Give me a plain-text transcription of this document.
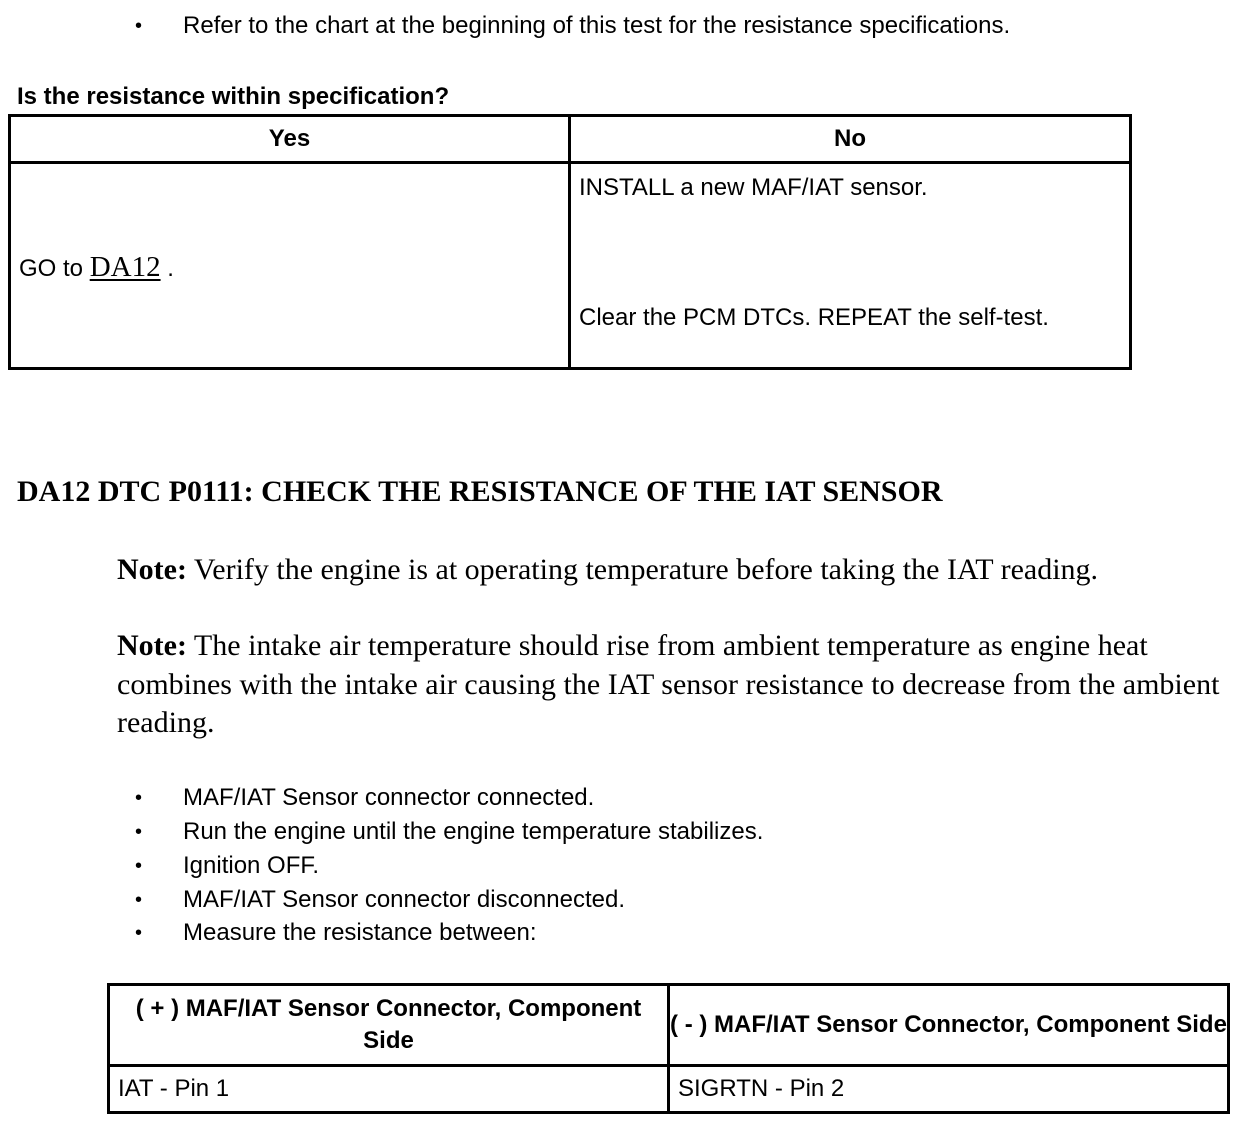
• Refer to the chart at the beginning of this test for the resistance specifications.
Is the resistance within specification?
Yes	No

GO to DA12 .	INSTALL a new MAF/IAT sensor.
Clear the PCM DTCs. REPEAT the self-test.
DA12 DTC P0111: CHECK THE RESISTANCE OF THE IAT SENSOR
Note: Verify the engine is at operating temperature before taking the IAT reading.
Note: The intake air temperature should rise from ambient temperature as engine heat combines with the intake air causing the IAT sensor resistance to decrease from the ambient reading.
• MAF/IAT Sensor connector connected.
• Run the engine until the engine temperature stabilizes.
• Ignition OFF.
• MAF/IAT Sensor connector disconnected.
• Measure the resistance between:
( + ) MAF/IAT Sensor Connector, Component Side	( - ) MAF/IAT Sensor Connector, Component Side
IAT - Pin 1	SIGRTN - Pin 2
